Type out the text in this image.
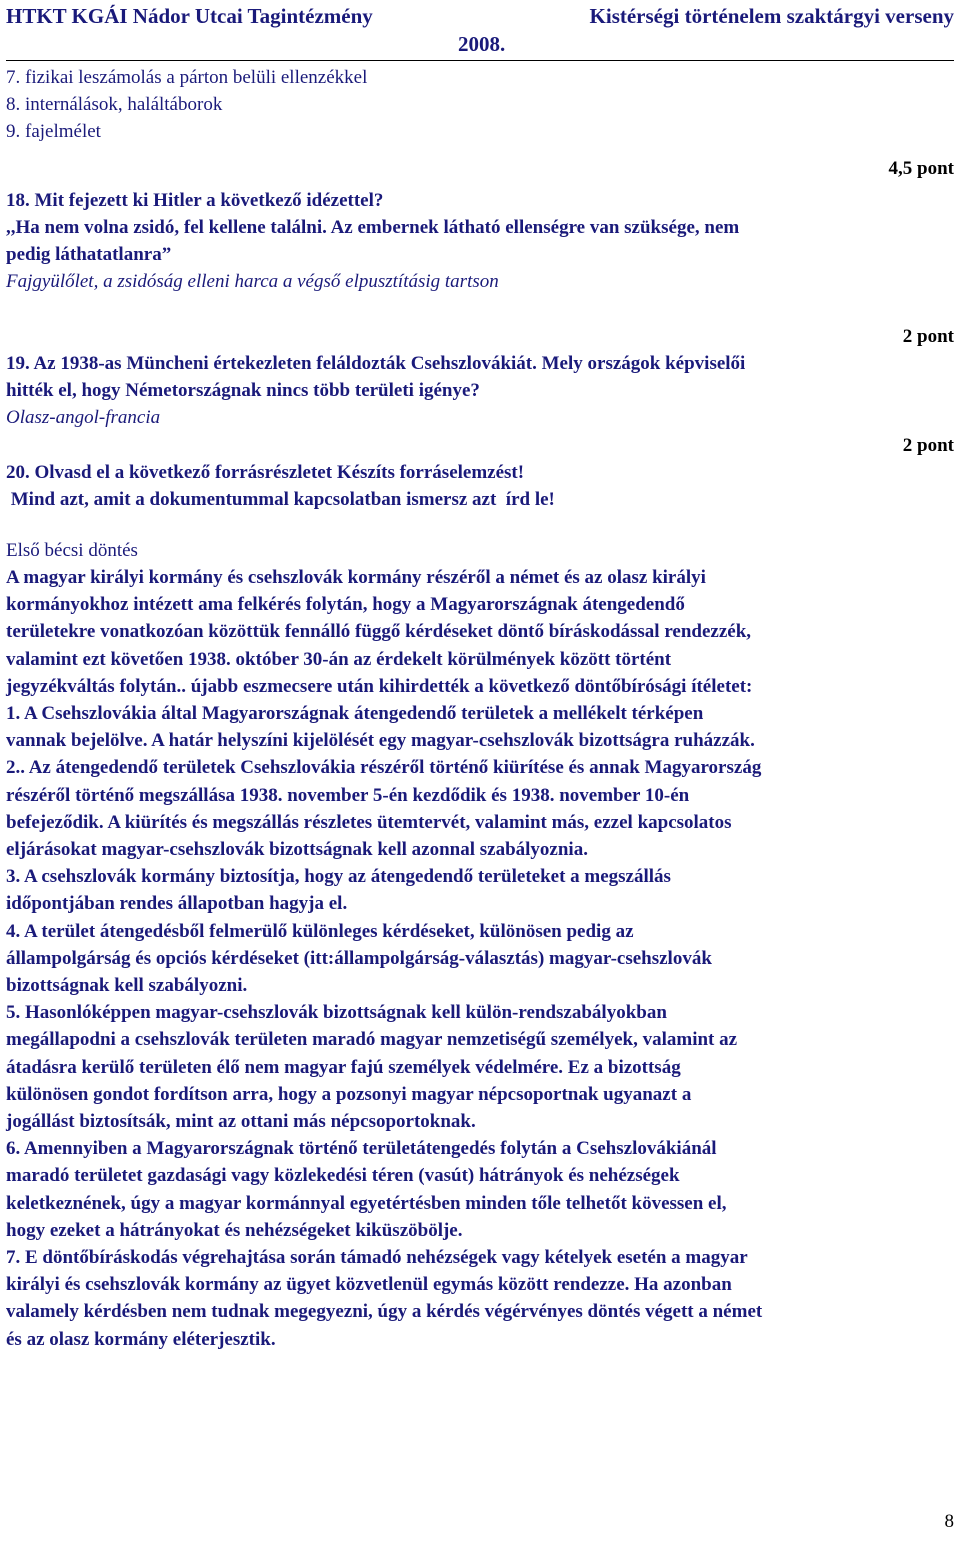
HTKT KGÁI Nádor Utcai Tagintézmény	Kistérségi történelem szaktárgyi verseny
2008.

7. fizikai leszámolás a párton belüli ellenzékkel

8. internálások, haláltáborok

9. fajelmélet

4,5 pont

18. Mit fejezett ki Hitler a következő idézettel?

,,Ha nem volna zsidó, fel kellene találni. Az embernek látható ellenségre van szüksége, nem

pedig láthatatlanra”

Fajgyülőlet, a zsidóság elleni harca a végső elpusztításig tartson

2 pont

19. Az 1938-as Müncheni értekezleten feláldozták Csehszlovákiát. Mely országok képviselői

hitték el, hogy Németországnak nincs több területi igénye?

Olasz-angol-francia

2 pont

20. Olvasd el a következő forrásrészletet Készíts forráselemzést!

Mind azt, amit a dokumentummal kapcsolatban ismersz azt  írd le!

Első bécsi döntés

A magyar királyi kormány és csehszlovák kormány részéről a német és az olasz királyi

kormányokhoz intézett ama felkérés folytán, hogy a Magyarországnak átengedendő

területekre vonatkozóan közöttük fennálló függő kérdéseket döntő bíráskodással rendezzék,

valamint ezt követően 1938. október 30-án az érdekelt körülmények között történt

jegyzékváltás folytán.. újabb eszmecsere után kihirdették a következő döntőbírósági ítéletet:

1. A Csehszlovákia által Magyarországnak átengedendő területek a mellékelt térképen

vannak bejelölve. A határ helyszíni kijelölését egy magyar-csehszlovák bizottságra ruházzák.

2.. Az átengedendő területek Csehszlovákia részéről történő kiürítése és annak Magyarország

részéről történő megszállása 1938. november 5-én kezdődik és 1938. november 10-én

befejeződik. A kiürítés és megszállás részletes ütemtervét, valamint más, ezzel kapcsolatos

eljárásokat magyar-csehszlovák bizottságnak kell azonnal szabályoznia.

3. A csehszlovák kormány biztosítja, hogy az átengedendő területeket a megszállás

időpontjában rendes állapotban hagyja el.

4. A terület átengedésből felmerülő különleges kérdéseket, különösen pedig az

állampolgárság és opciós kérdéseket (itt:állampolgárság-választás) magyar-csehszlovák

bizottságnak kell szabályozni.

5. Hasonlóképpen magyar-csehszlovák bizottságnak kell külön-rendszabályokban

megállapodni a csehszlovák területen maradó magyar nemzetiségű személyek, valamint az

átadásra kerülő területen élő nem magyar fajú személyek védelmére. Ez a bizottság

különösen gondot fordítson arra, hogy a pozsonyi magyar népcsoportnak ugyanazt a

jogállást biztosítsák, mint az ottani más népcsoportoknak.

6. Amennyiben a Magyarországnak történő területátengedés folytán a Csehszlovákiánál

maradó területet gazdasági vagy közlekedési téren (vasút) hátrányok és nehézségek

keletkeznének, úgy a magyar kormánnyal egyetértésben minden tőle telhetőt kövessen el,

hogy ezeket a hátrányokat és nehézségeket kiküszöbölje.

7. E döntőbíráskodás végrehajtása során támadó nehézségek vagy kételyek esetén a magyar

királyi és csehszlovák kormány az ügyet közvetlenül egymás között rendezze. Ha azonban

valamely kérdésben nem tudnak megegyezni, úgy a kérdés végérvényes döntés végett a német

és az olasz kormány eléterjesztik.

8
